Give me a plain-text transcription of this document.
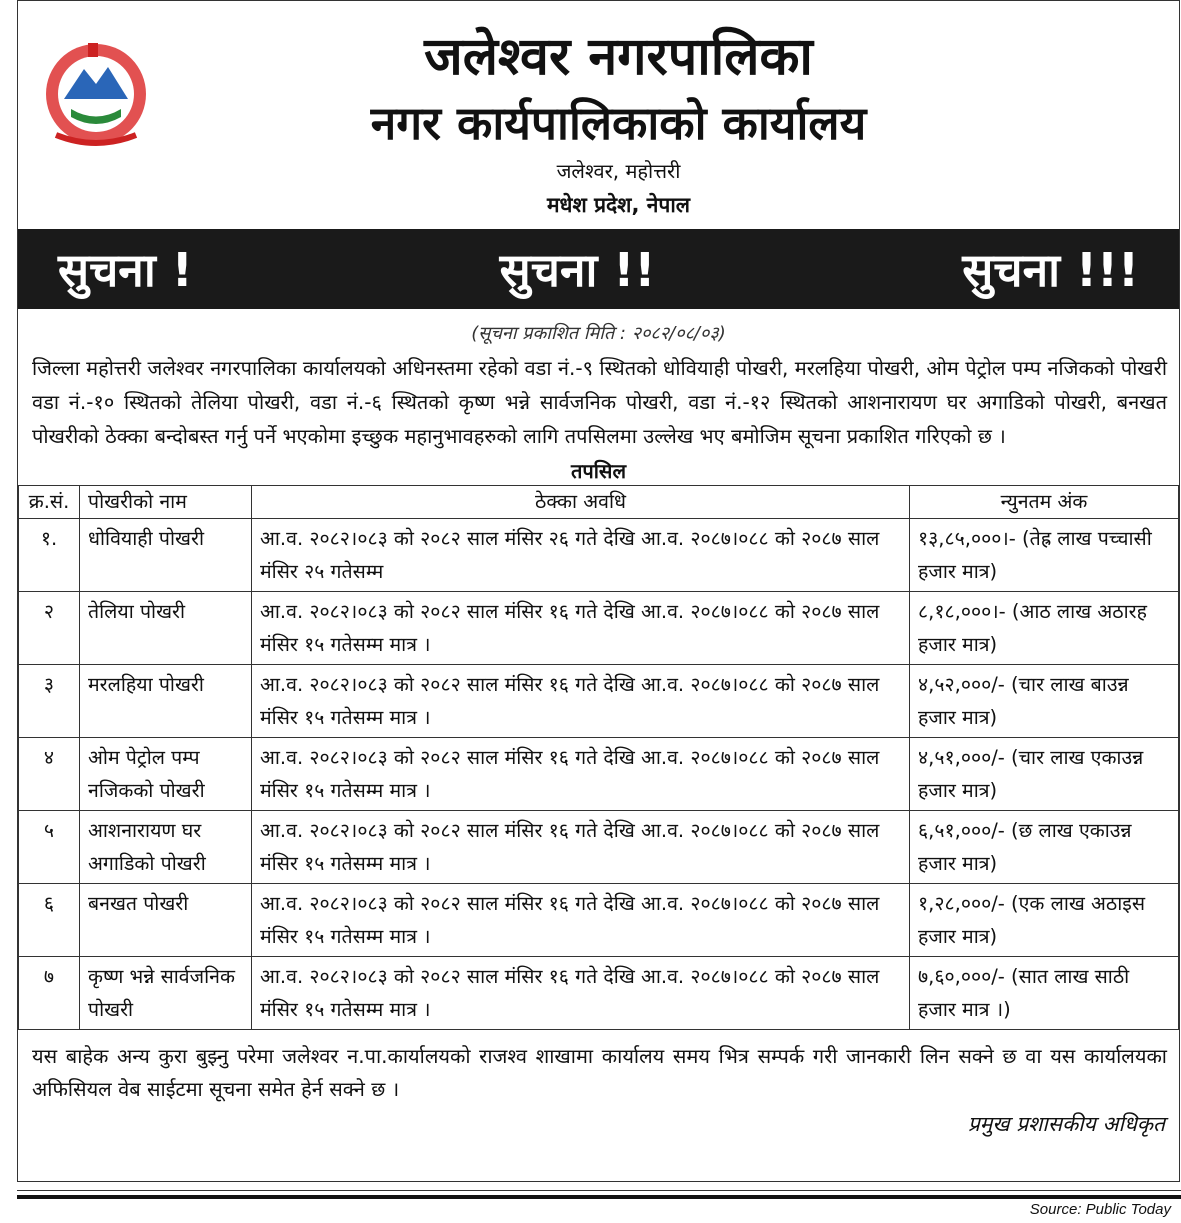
जलेश्वर नगरपालिका
नगर कार्यपालिकाको कार्यालय
जलेश्वर, महोत्तरी
मधेश प्रदेश, नेपाल
सुचना !	सुचना !!	सुचना !!!
(सूचना प्रकाशित मिति : २०८२/०८/०३)
जिल्ला महोत्तरी जलेश्वर नगरपालिका कार्यालयको अधिनस्तमा रहेको वडा नं.-९ स्थितको धोवियाही पोखरी, मरलहिया पोखरी, ओम पेट्रोल पम्प नजिकको पोखरी वडा नं.-१० स्थितको तेलिया पोखरी, वडा नं.-६ स्थितको कृष्ण भन्ने सार्वजनिक पोखरी, वडा नं.-१२ स्थितको आशनारायण घर अगाडिको पोखरी, बनखत पोखरीको ठेक्का बन्दोबस्त गर्नु पर्ने भएकोमा इच्छुक महानुभावहरुको लागि तपसिलमा उल्लेख भए बमोजिम सूचना प्रकाशित गरिएको छ ।
तपसिल
क्र.सं.	पोखरीको नाम	ठेक्का अवधि	न्युनतम अंक
१.	धोवियाही पोखरी	आ.व. २०८२।०८३ को २०८२ साल मंसिर २६ गते देखि आ.व. २०८७।०८८ को २०८७ साल मंसिर २५ गतेसम्म	१३,८५,०००।- (तेह्र लाख पच्चासी हजार मात्र)
२	तेलिया पोखरी	आ.व. २०८२।०८३ को २०८२ साल मंसिर १६ गते देखि आ.व. २०८७।०८८ को २०८७ साल मंसिर १५ गतेसम्म मात्र ।	८,१८,०००।- (आठ लाख अठारह हजार मात्र)
३	मरलहिया पोखरी	आ.व. २०८२।०८३ को २०८२ साल मंसिर १६ गते देखि आ.व. २०८७।०८८ को २०८७ साल मंसिर १५ गतेसम्म मात्र ।	४,५२,०००/- (चार लाख बाउन्न हजार मात्र)
४	ओम पेट्रोल पम्प नजिकको पोखरी	आ.व. २०८२।०८३ को २०८२ साल मंसिर १६ गते देखि आ.व. २०८७।०८८ को २०८७ साल मंसिर १५ गतेसम्म मात्र ।	४,५१,०००/- (चार लाख एकाउन्न हजार मात्र)
५	आशनारायण घर अगाडिको पोखरी	आ.व. २०८२।०८३ को २०८२ साल मंसिर १६ गते देखि आ.व. २०८७।०८८ को २०८७ साल मंसिर १५ गतेसम्म मात्र ।	६,५१,०००/- (छ लाख एकाउन्न हजार मात्र)
६	बनखत पोखरी	आ.व. २०८२।०८३ को २०८२ साल मंसिर १६ गते देखि आ.व. २०८७।०८८ को २०८७ साल मंसिर १५ गतेसम्म मात्र ।	१,२८,०००/- (एक लाख अठाइस हजार मात्र)
७	कृष्ण भन्ने सार्वजनिक पोखरी	आ.व. २०८२।०८३ को २०८२ साल मंसिर १६ गते देखि आ.व. २०८७।०८८ को २०८७ साल मंसिर १५ गतेसम्म मात्र ।	७,६०,०००/- (सात लाख साठी हजार मात्र ।)
यस बाहेक अन्य कुरा बुझ्नु परेमा जलेश्वर न.पा.कार्यालयको राजश्व शाखामा कार्यालय समय भित्र सम्पर्क गरी जानकारी लिन सक्ने छ वा यस कार्यालयका अफिसियल वेब साईटमा सूचना समेत हेर्न सक्ने छ ।
प्रमुख प्रशासकीय अधिकृत
Source: Public Today
